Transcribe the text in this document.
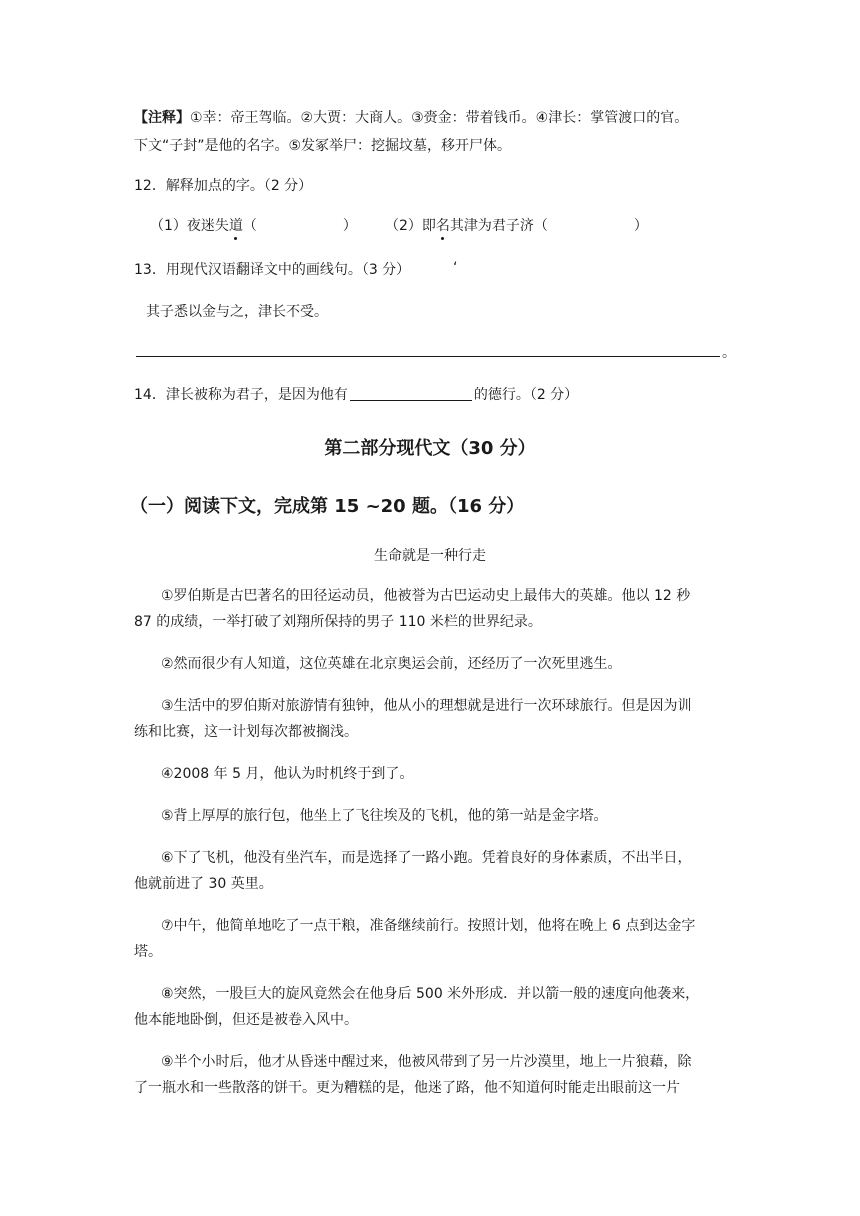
【注释】①幸：帝王驾临。②大贾：大商人。③赍金：带着钱币。④津长：掌管渡口的官。
下文“子封”是他的名字。⑤发冢举尸：挖掘坟墓，移开尸体。
12．解释加点的字。（2 分）
（1）夜迷失道（	） （2）即名其津为君子济（	）
13．用现代汉语翻译文中的画线句。（3 分）	‘
其子悉以金与之，津长不受。
。
14．津长被称为君子，是因为他有	的德行。（2 分）
第二部分现代文（30 分）
（一）阅读下文，完成第 15 ~20 题。（16 分）
生命就是一种行走
①罗伯斯是古巴著名的田径运动员，他被誉为古巴运动史上最伟大的英雄。他以 12 秒
87 的成绩，一举打破了刘翔所保持的男子 110 米栏的世界纪录。
②然而很少有人知道，这位英雄在北京奥运会前，还经历了一次死里逃生。
③生活中的罗伯斯对旅游情有独钟，他从小的理想就是进行一次环球旅行。但是因为训
练和比赛，这一计划每次都被搁浅。
④2008 年 5 月，他认为时机终于到了。
⑤背上厚厚的旅行包，他坐上了飞往埃及的飞机，他的第一站是金字塔。
⑥下了飞机，他没有坐汽车，而是选择了一路小跑。凭着良好的身体素质，不出半日，
他就前进了 30 英里。
⑦中午，他简单地吃了一点干粮，准备继续前行。按照计划，他将在晚上 6 点到达金字
塔。
⑧突然，一股巨大的旋风竟然会在他身后 500 米外形成．并以箭一般的速度向他袭来，
他本能地卧倒，但还是被卷入风中。
⑨半个小时后，他才从昏迷中醒过来，他被风带到了另一片沙漠里，地上一片狼藉，除
了一瓶水和一些散落的饼干。更为糟糕的是，他迷了路，他不知道何时能走出眼前这一片
